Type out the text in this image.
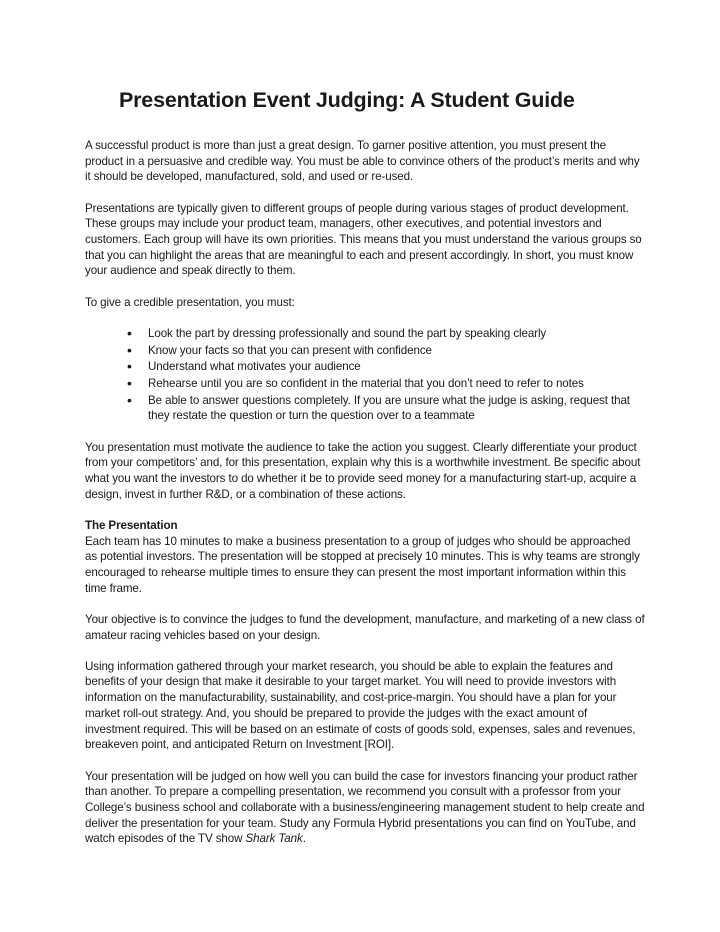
Presentation Event Judging: A Student Guide

A successful product is more than just a great design. To garner positive attention, you must present the product in a persuasive and credible way. You must be able to convince others of the product’s merits and why it should be developed, manufactured, sold, and used or re-used.

Presentations are typically given to different groups of people during various stages of product development. These groups may include your product team, managers, other executives, and potential investors and customers. Each group will have its own priorities. This means that you must understand the various groups so that you can highlight the areas that are meaningful to each and present accordingly. In short, you must know your audience and speak directly to them.

To give a credible presentation, you must:

• Look the part by dressing professionally and sound the part by speaking clearly
• Know your facts so that you can present with confidence
• Understand what motivates your audience
• Rehearse until you are so confident in the material that you don’t need to refer to notes
• Be able to answer questions completely. If you are unsure what the judge is asking, request that they restate the question or turn the question over to a teammate

You presentation must motivate the audience to take the action you suggest. Clearly differentiate your product from your competitors’ and, for this presentation, explain why this is a worthwhile investment. Be specific about what you want the investors to do whether it be to provide seed money for a manufacturing start-up, acquire a design, invest in further R&D, or a combination of these actions.

The Presentation
Each team has 10 minutes to make a business presentation to a group of judges who should be approached as potential investors. The presentation will be stopped at precisely 10 minutes. This is why teams are strongly encouraged to rehearse multiple times to ensure they can present the most important information within this time frame.

Your objective is to convince the judges to fund the development, manufacture, and marketing of a new class of amateur racing vehicles based on your design.

Using information gathered through your market research, you should be able to explain the features and benefits of your design that make it desirable to your target market. You will need to provide investors with information on the manufacturability, sustainability, and cost-price-margin. You should have a plan for your market roll-out strategy. And, you should be prepared to provide the judges with the exact amount of investment required. This will be based on an estimate of costs of goods sold, expenses, sales and revenues, breakeven point, and anticipated Return on Investment [ROI].

Your presentation will be judged on how well you can build the case for investors financing your product rather than another. To prepare a compelling presentation, we recommend you consult with a professor from your College’s business school and collaborate with a business/engineering management student to help create and deliver the presentation for your team. Study any Formula Hybrid presentations you can find on YouTube, and watch episodes of the TV show Shark Tank.
